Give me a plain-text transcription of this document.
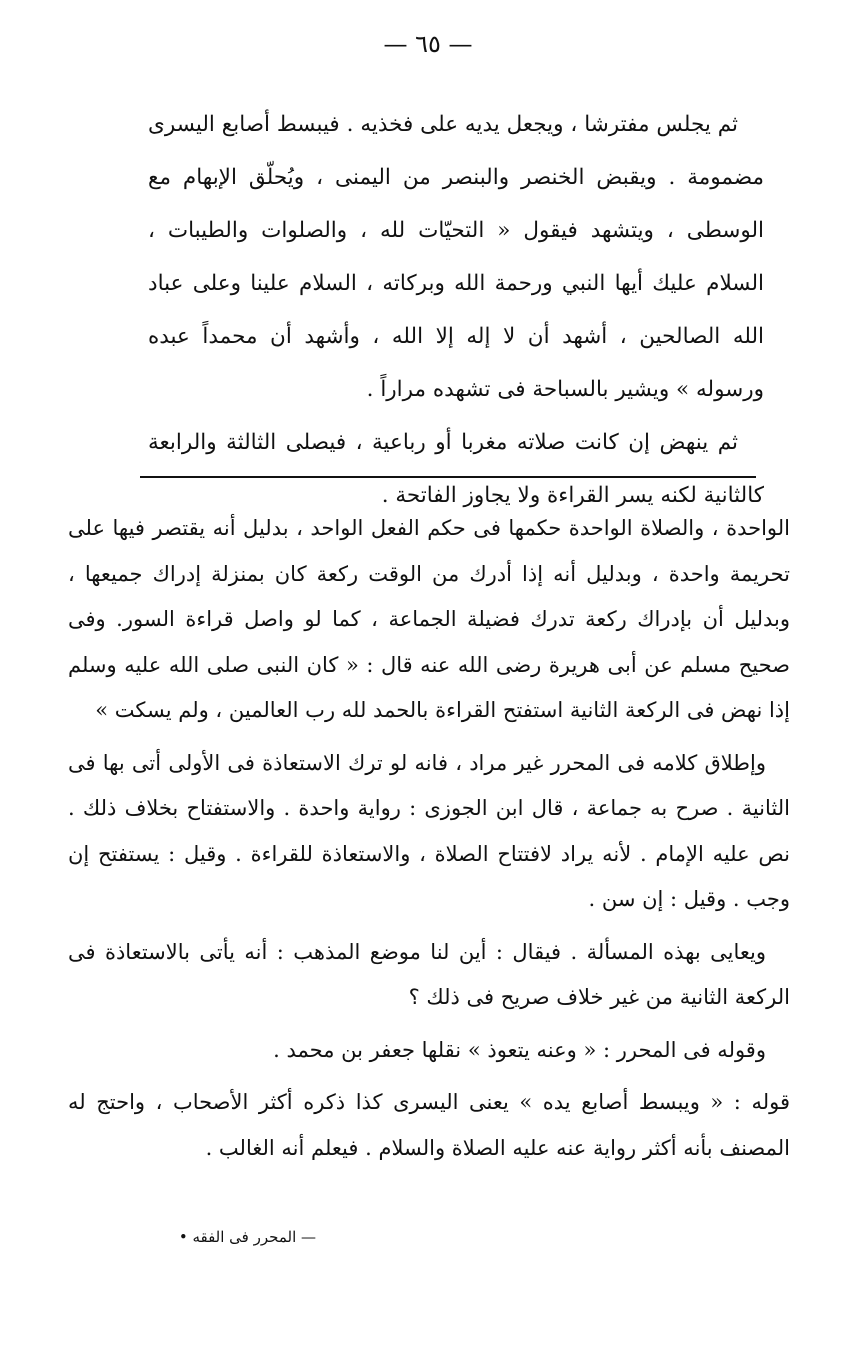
— ٦٥ —

ثم يجلس مفترشا ، ويجعل يديه على فخذيه . فيبسط أصابع اليسرى مضمومة . ويقبض الخنصر والبنصر من اليمنى ، ويُحلّق الإبهام مع الوسطى ، ويتشهد فيقول « التحيّات لله ، والصلوات والطيبات ، السلام عليك أيها النبي ورحمة الله وبركاته ، السلام علينا وعلى عباد الله الصالحين ، أشهد أن لا إله إلا الله ، وأشهد أن محمداً عبده ورسوله » ويشير بالسباحة فى تشهده مراراً .

ثم ينهض إن كانت صلاته مغربا أو رباعية ، فيصلى الثالثة والرابعة كالثانية لكنه يسر القراءة ولا يجاوز الفاتحة .

الواحدة ، والصلاة الواحدة حكمها فى حكم الفعل الواحد ، بدليل أنه يقتصر فيها على تحريمة واحدة ، وبدليل أنه إذا أدرك من الوقت ركعة كان بمنزلة إدراك جميعها ، وبدليل أن بإدراك ركعة تدرك فضيلة الجماعة ، كما لو واصل قراءة السور. وفى صحيح مسلم عن أبى هريرة رضى الله عنه قال : « كان النبى صلى الله عليه وسلم إذا نهض فى الركعة الثانية استفتح القراءة بالحمد لله رب العالمين ، ولم يسكت »

وإطلاق كلامه فى المحرر غير مراد ، فانه لو ترك الاستعاذة فى الأولى أتى بها فى الثانية . صرح به جماعة ، قال ابن الجوزى : رواية واحدة . والاستفتاح بخلاف ذلك . نص عليه الإمام . لأنه يراد لافتتاح الصلاة ، والاستعاذة للقراءة . وقيل : يستفتح إن وجب . وقيل : إن سن .

ويعايى بهذه المسألة . فيقال : أين لنا موضع المذهب : أنه يأتى بالاستعاذة فى الركعة الثانية من غير خلاف صريح فى ذلك ؟

وقوله فى المحرر : « وعنه يتعوذ » نقلها جعفر بن محمد .

قوله : « ويبسط أصابع يده » يعنى اليسرى كذا ذكره أكثر الأصحاب ، واحتج له المصنف بأنه أكثر رواية عنه عليه الصلاة والسلام . فيعلم أنه الغالب .

— المحرر فى الفقه •
